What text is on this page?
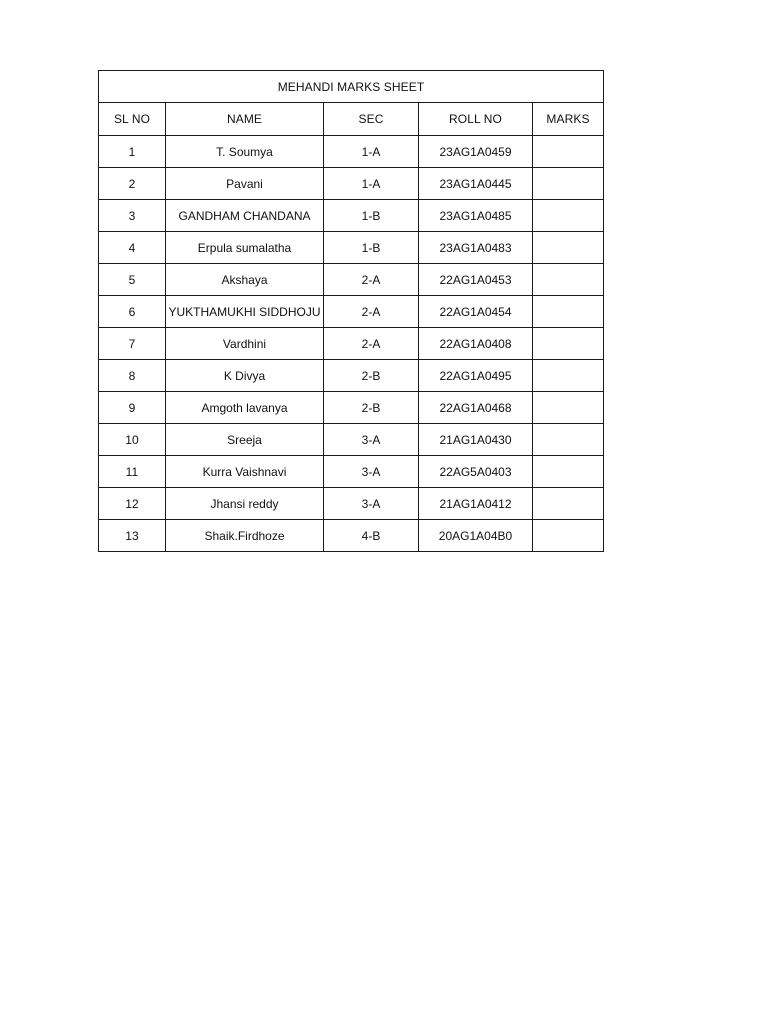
MEHANDI MARKS SHEET				
SL NO	NAME	SEC	ROLL NO	MARKS
1	T. Soumya	1-A	23AG1A0459	
2	Pavani	1-A	23AG1A0445	
3	GANDHAM CHANDANA	1-B	23AG1A0485	
4	Erpula sumalatha	1-B	23AG1A0483	
5	Akshaya	2-A	22AG1A0453	
6	YUKTHAMUKHI SIDDHOJU	2-A	22AG1A0454	
7	Vardhini	2-A	22AG1A0408	
8	K Divya	2-B	22AG1A0495	
9	Amgoth lavanya	2-B	22AG1A0468	
10	Sreeja	3-A	21AG1A0430	
11	Kurra Vaishnavi	3-A	22AG5A0403	
12	Jhansi reddy	3-A	21AG1A0412	
13	Shaik.Firdhoze	4-B	20AG1A04B0	
